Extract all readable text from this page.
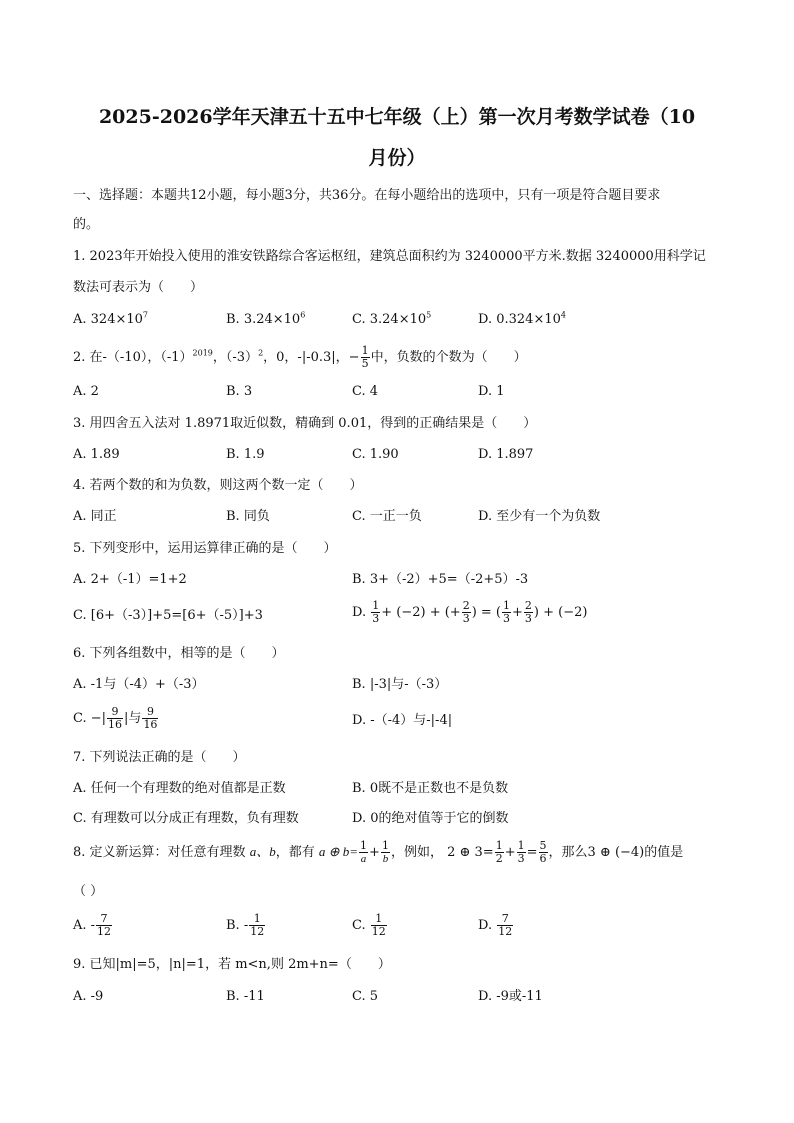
2025-2026学年天津五十五中七年级（上）第一次月考数学试卷（10
月份）
一、选择题：本题共12小题，每小题3分，共36分。在每小题给出的选项中，只有一项是符合题目要求
的。
1. 2023年开始投入使用的淮安铁路综合客运枢纽，建筑总面积约为 3240000平方米.数据 3240000用科学记
数法可表示为（　　）
A. $324\times 10^7$	B. $3.24\times 10^6$	C. $3.24\times 10^5$	D. $0.324\times 10^4$
2. 在-（-10），$(-1)^{2019}$，$(-3)^2$，0，-|-0.3|，− $\frac{1}{5}$ 中，负数的个数为（　　）
A. 2	B. 3	C. 4	D. 1
3. 用四舍五入法对 1.8971取近似数，精确到 0.01，得到的正确结果是（　　）
A. 1.89	B. 1.9	C. 1.90	D. 1.897
4. 若两个数的和为负数，则这两个数一定（　　）
A. 同正	B. 同负	C. 一正一负	D. 至少有一个为负数
5. 下列变形中，运用运算律正确的是（　　）
A. 2+（-1）=1+2	B. 3+（-2）+5=（-2+5）-3
C. [6+（-3）]+5=[6+（-5）]+3	D. $\frac{1}{3} + (-2)$ + (+ $\frac{2}{3}$ ) = ( $\frac{1}{3} + \frac{2}{3}$ ) + (−2)
6. 下列各组数中，相等的是（　　）
A. -1与（-4）+（-3）	B. |-3|与-（-3）
C. −| $\frac{9}{16}$ |与 $\frac{9}{16}$	D. -（-4）与-|-4|
7. 下列说法正确的是（　　）
A. 任何一个有理数的绝对值都是正数	B. 0既不是正数也不是负数
C. 有理数可以分成正有理数，负有理数	D. 0的绝对值等于它的倒数
8. 定义新运算：对任意有理数 a、b，都有 a ⊕ $b= \frac{1}{a} + \frac{1}{b}$ ，例如， 2 ⊕ $3= \frac{1}{2} + \frac{1}{3} = \frac{5}{6}$ ，那么3 ⊕ (−4)的值是
（ ）
A. - $\frac{7}{12}$	B. - $\frac{1}{12}$	C. $\frac{1}{12}$	D. $\frac{7}{12}$
9. 已知|m|=5，|n|=1，若 m<n,则 2m+n=（　　）
A. -9	B. -11	C. 5	D. -9或-11
